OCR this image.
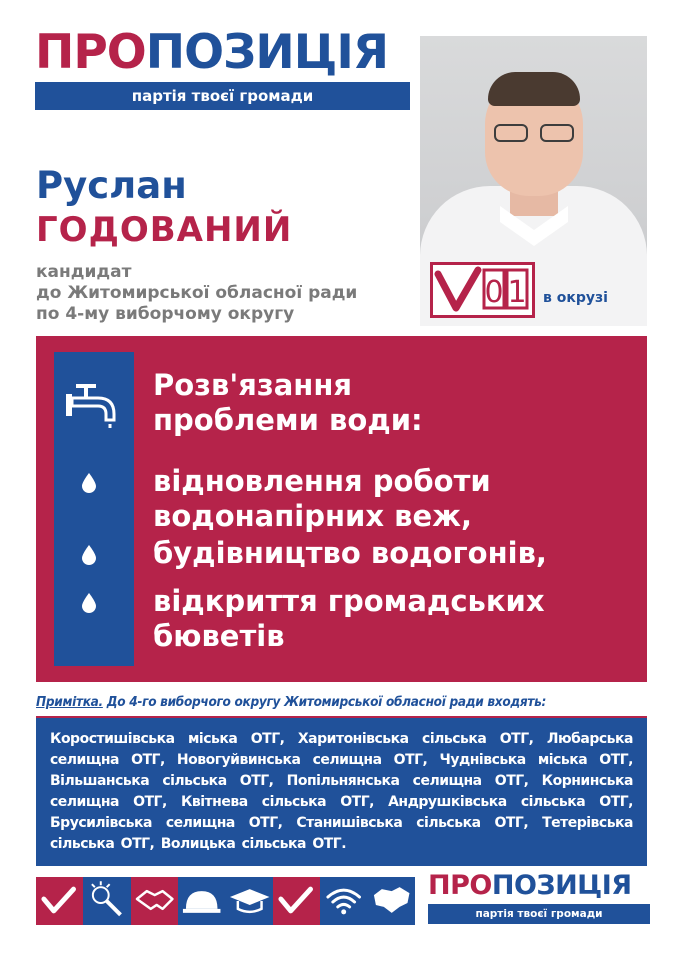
ПРОПОЗИЦІЯ
партія твоєї громади
0 1 в окрузі
Руслан
ГОДОВАНИЙ
кандидат
до Житомирської обласної ради
по 4-му виборчому округу
Розв'язання
проблеми води:
відновлення роботи
водонапірних веж,
будівництво водогонів,
відкриття громадських
бюветів
Примітка. До 4-го виборчого округу Житомирської обласної ради входять:
Коростишівська міська ОТГ, Харитонівська сільська ОТГ, Любарська селищна ОТГ, Новогуйвинська селищна ОТГ, Чуднівська міська ОТГ, Вільшанська сільська ОТГ, Попільнянська селищна ОТГ, Корнинська селищна ОТГ, Квітнева сільська ОТГ, Андрушківська сільська ОТГ, Брусилівська селищна ОТГ, Станишівська сільська ОТГ, Тетерівська сільська ОТГ, Волицька сільська ОТГ.
ПРОПОЗИЦІЯ
партія твоєї громади
